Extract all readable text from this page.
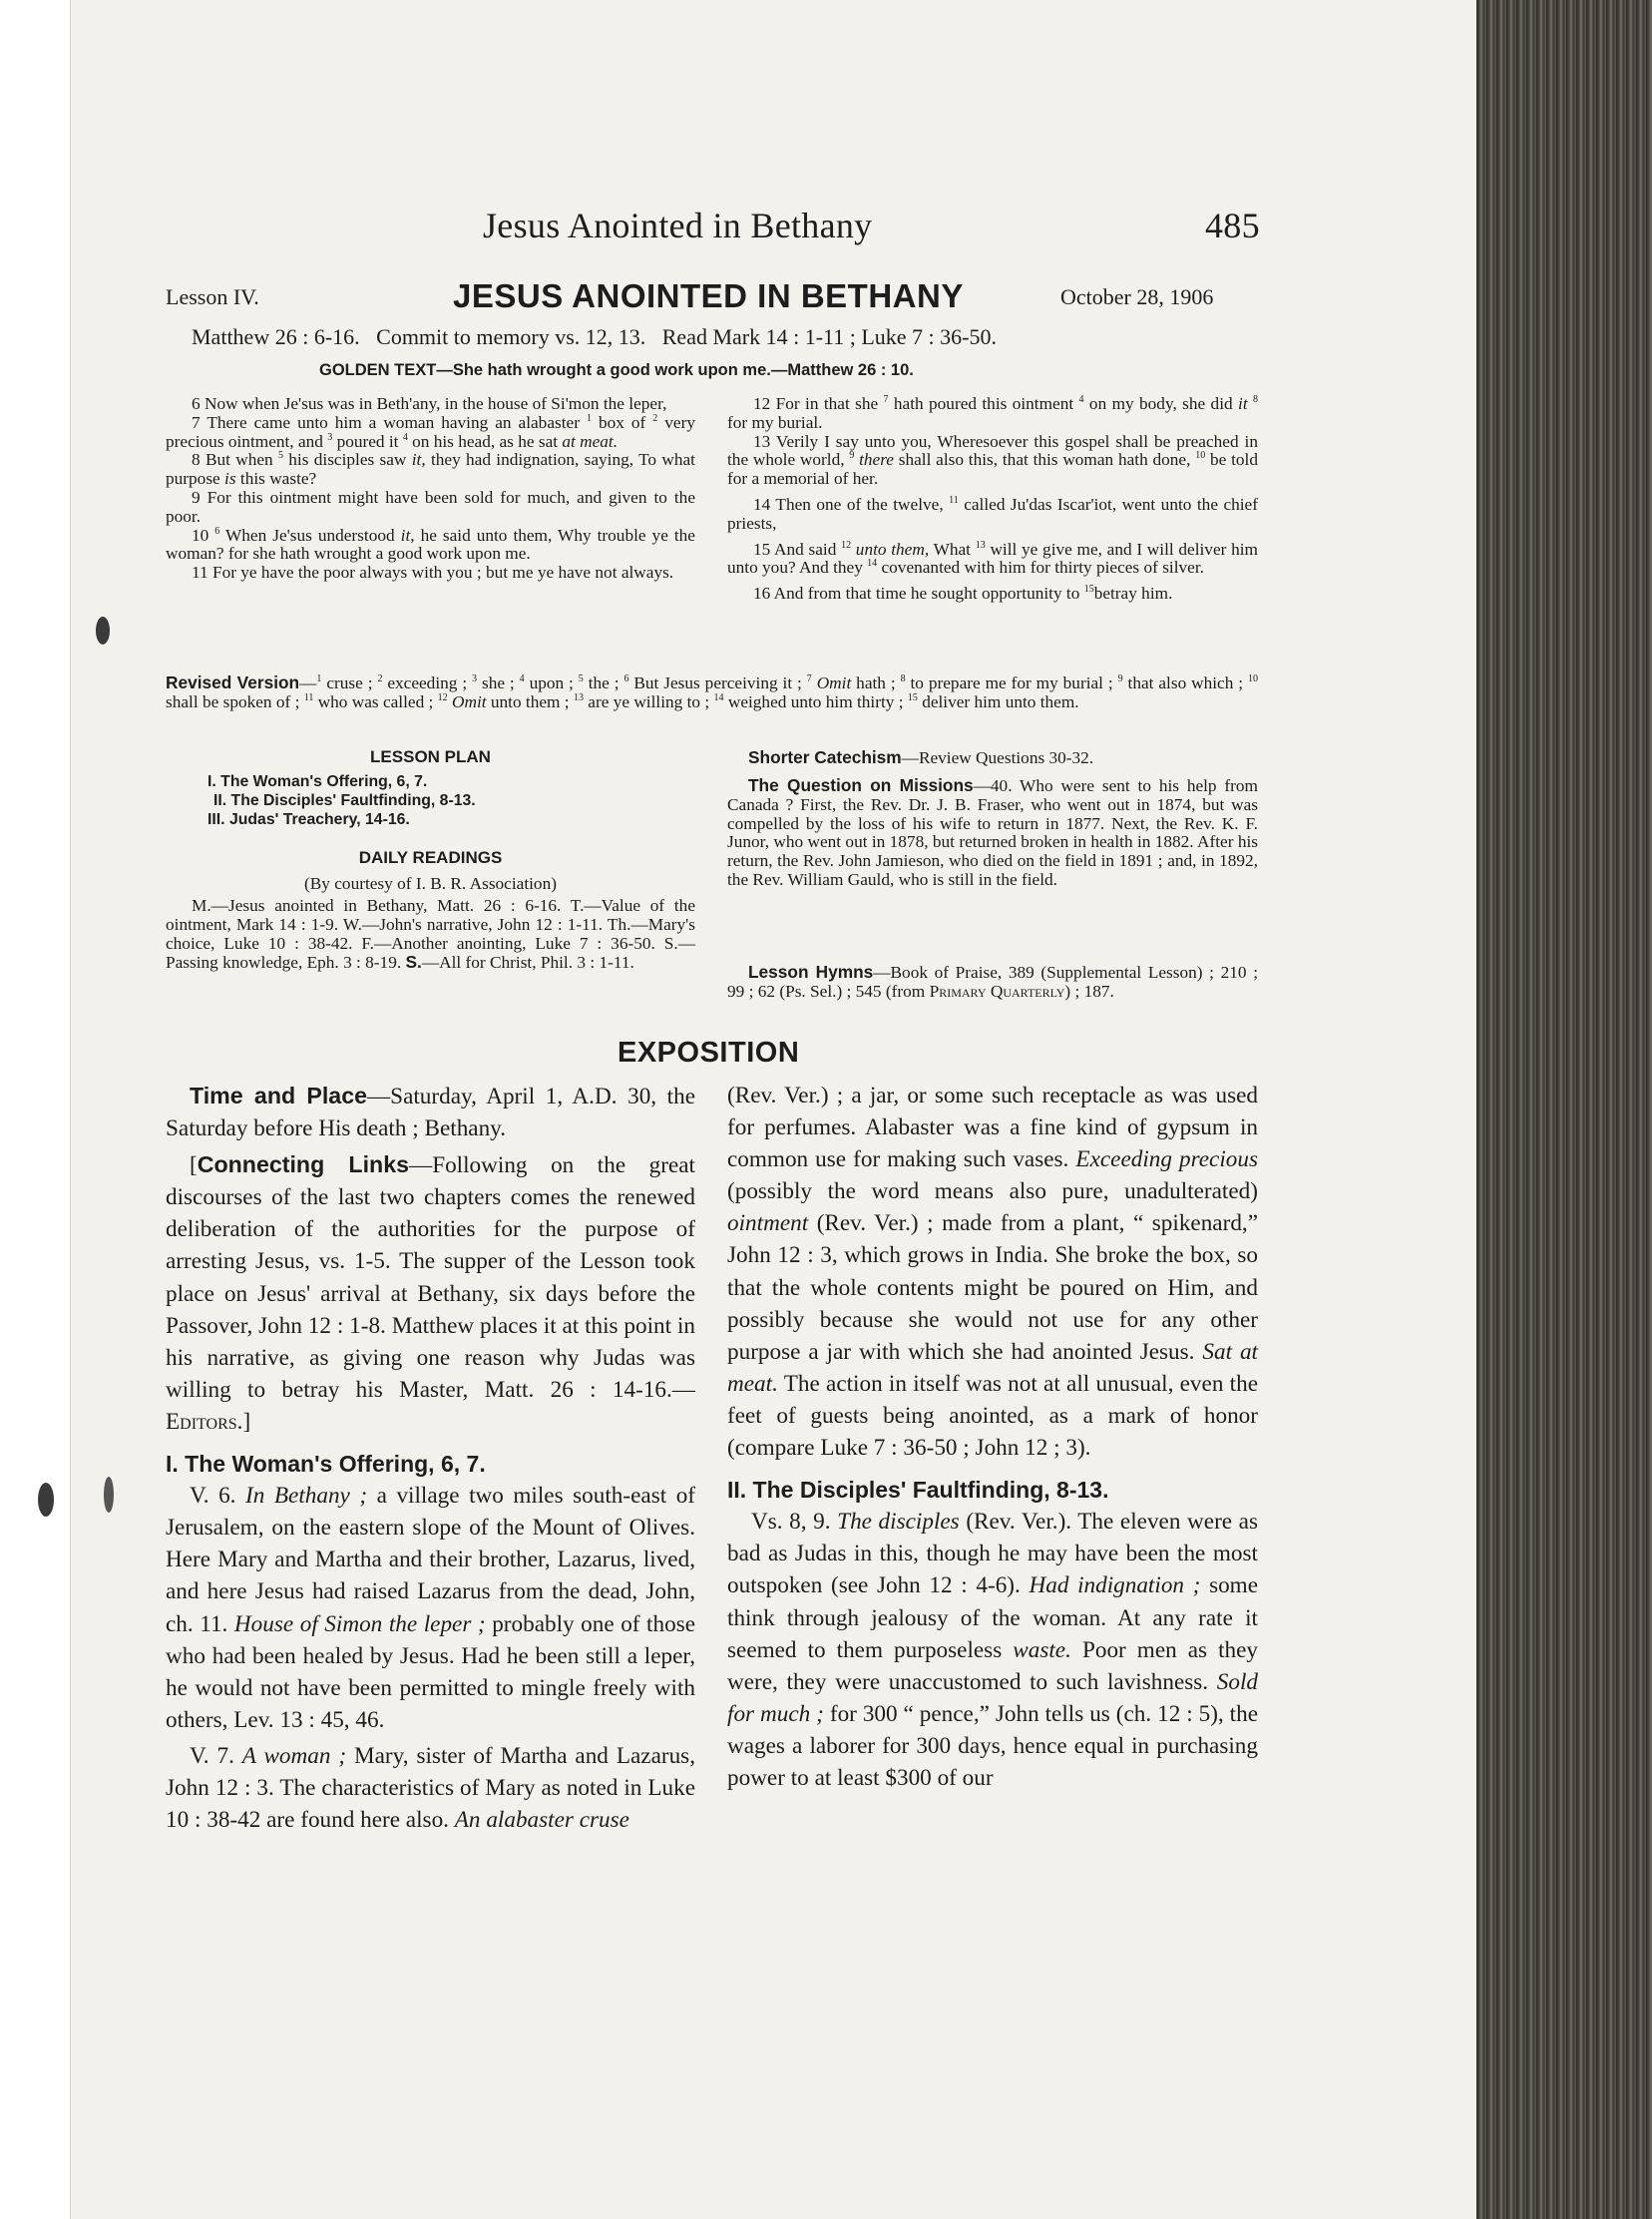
Jesus Anointed in Bethany	485
Lesson IV.	JESUS ANOINTED IN BETHANY	October 28, 1906
Matthew 26 : 6-16.   Commit to memory vs. 12, 13.   Read Mark 14 : 1-11 ; Luke 7 : 36-50.
GOLDEN TEXT—She hath wrought a good work upon me.—Matthew 26 : 10.

6 Now when Je'sus was in Beth'any, in the house of Si'mon the leper,

7 There came unto him a woman having an alabaster $^1$ box of $^2$ very precious ointment, and $^3$ poured it $^4$ on his head, as he sat at meat.

8 But when $^5$ his disciples saw it, they had indignation, saying, To what purpose is this waste?

9 For this ointment might have been sold for much, and given to the poor.

10 $^6$ When Je'sus understood it, he said unto them, Why trouble ye the woman? for she hath wrought a good work upon me.

11 For ye have the poor always with you ; but me ye have not always.

12 For in that she $^7$ hath poured this ointment $^4$ on my body, she did it $^8$ for my burial.

13 Verily I say unto you, Wheresoever this gospel shall be preached in the whole world, $^9$ there shall also this, that this woman hath done, $^{10}$ be told for a memorial of her.

14 Then one of the twelve, $^{11}$ called Ju'das Iscar'iot, went unto the chief priests,

15 And said $^{12}$ unto them, What $^{13}$ will ye give me, and I will deliver him unto you? And they $^{14}$ covenanted with him for thirty pieces of silver.

16 And from that time he sought opportunity to $^{15}$betray him.

Revised Version—$^1$ cruse ; $^2$ exceeding ; $^3$ she ; $^4$ upon ; $^5$ the ; $^6$ But Jesus perceiving it ; $^7$ Omit hath ; $^8$ to prepare me for my burial ; $^9$ that also which ; $^{10}$ shall be spoken of ; $^{11}$ who was called ; $^{12}$ Omit unto them ; $^{13}$ are ye willing to ; $^{14}$ weighed unto him thirty ; $^{15}$ deliver him unto them.
LESSON PLAN
I. The Woman's Offering, 6, 7.
II. The Disciples' Faultfinding, 8-13.
III. Judas' Treachery, 14-16.
DAILY READINGS
(By courtesy of I. B. R. Association)

M.—Jesus anointed in Bethany, Matt. 26 : 6-16. T.—Value of the ointment, Mark 14 : 1-9. W.—John's narrative, John 12 : 1-11. Th.—Mary's choice, Luke 10 : 38-42. F.—Another anointing, Luke 7 : 36-50. S.—Passing knowledge, Eph. 3 : 8-19. S.—All for Christ, Phil. 3 : 1-11.

Shorter Catechism—Review Questions 30-32.
The Question on Missions—40. Who were sent to his help from Canada ? First, the Rev. Dr. J. B. Fraser, who went out in 1874, but was compelled by the loss of his wife to return in 1877. Next, the Rev. K. F. Junor, who went out in 1878, but returned broken in health in 1882. After his return, the Rev. John Jamieson, who died on the field in 1891 ; and, in 1892, the Rev. William Gauld, who is still in the field.
Lesson Hymns—Book of Praise, 389 (Supplemental Lesson) ; 210 ; 99 ; 62 (Ps. Sel.) ; 545 (from Primary Quarterly) ; 187.
EXPOSITION

Time and Place—Saturday, April 1, A.D. 30, the Saturday before His death ; Bethany.

[Connecting Links—Following on the great discourses of the last two chapters comes the renewed deliberation of the authorities for the purpose of arresting Jesus, vs. 1-5. The supper of the Lesson took place on Jesus' arrival at Bethany, six days before the Passover, John 12 : 1-8. Matthew places it at this point in his narrative, as giving one reason why Judas was willing to betray his Master, Matt. 26 : 14-16.—Editors.]

I. The Woman's Offering, 6, 7.

V. 6. In Bethany ; a village two miles south-east of Jerusalem, on the eastern slope of the Mount of Olives. Here Mary and Martha and their brother, Lazarus, lived, and here Jesus had raised Lazarus from the dead, John, ch. 11. House of Simon the leper ; probably one of those who had been healed by Jesus. Had he been still a leper, he would not have been permitted to mingle freely with others, Lev. 13 : 45, 46.

V. 7. A woman ; Mary, sister of Martha and Lazarus, John 12 : 3. The characteristics of Mary as noted in Luke 10 : 38-42 are found here also. An alabaster cruse

(Rev. Ver.) ; a jar, or some such receptacle as was used for perfumes. Alabaster was a fine kind of gypsum in common use for making such vases. Exceeding precious (possibly the word means also pure, unadulterated) ointment (Rev. Ver.) ; made from a plant, “ spikenard,” John 12 : 3, which grows in India. She broke the box, so that the whole contents might be poured on Him, and possibly because she would not use for any other purpose a jar with which she had anointed Jesus. Sat at meat. The action in itself was not at all unusual, even the feet of guests being anointed, as a mark of honor (compare Luke 7 : 36-50 ; John 12 ; 3).

II. The Disciples' Faultfinding, 8-13.

Vs. 8, 9. The disciples (Rev. Ver.). The eleven were as bad as Judas in this, though he may have been the most outspoken (see John 12 : 4-6). Had indignation ; some think through jealousy of the woman. At any rate it seemed to them purposeless waste. Poor men as they were, they were unaccustomed to such lavishness. Sold for much ; for 300 “ pence,” John tells us (ch. 12 : 5), the wages a laborer for 300 days, hence equal in purchasing power to at least $300 of our
